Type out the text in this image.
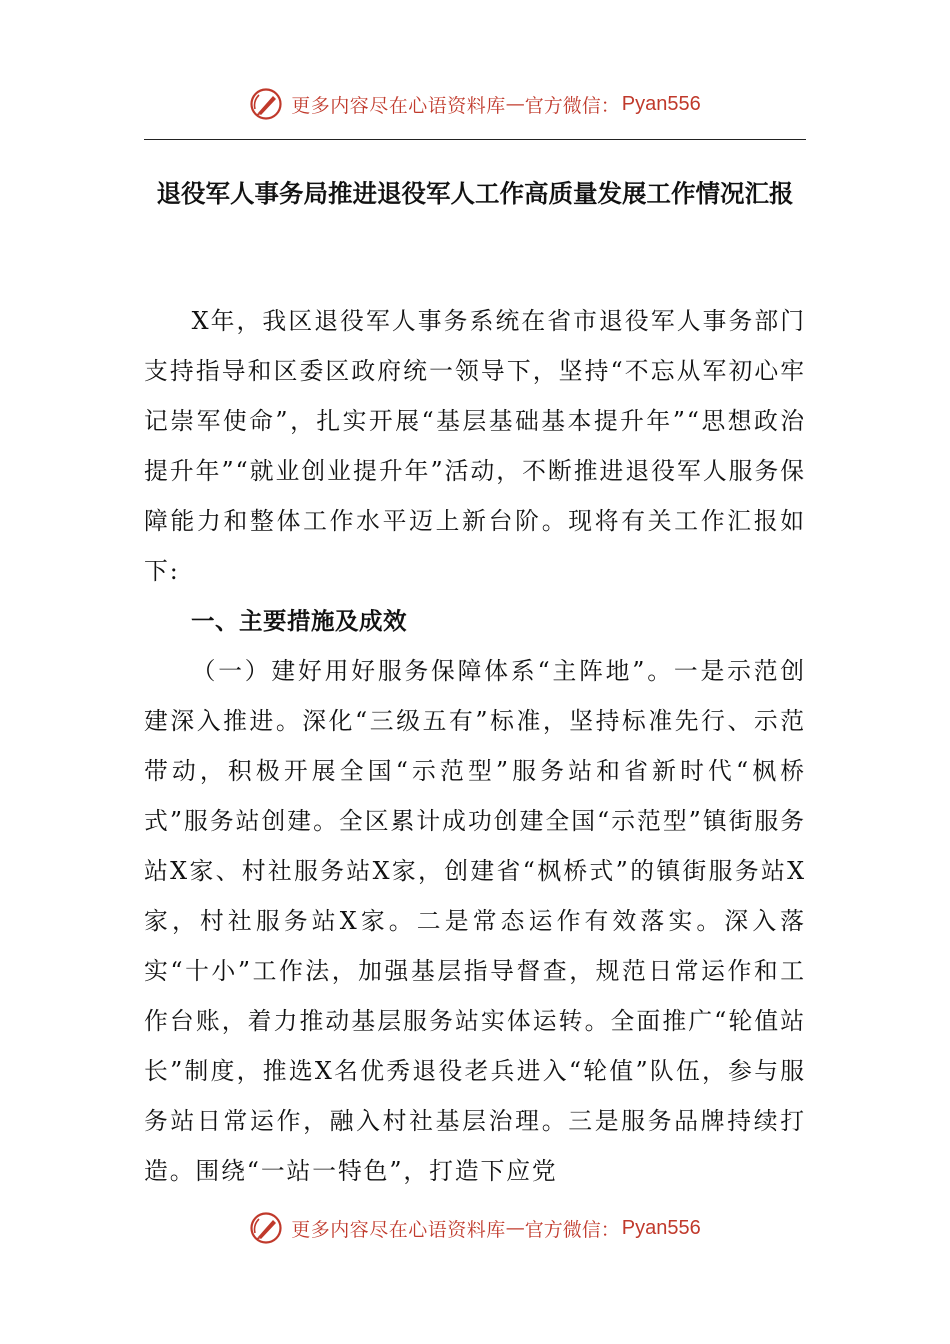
更多内容尽在心语资料库 — 官方微信： Pyan556
退役军人事务局推进退役军人工作高质量发展工作情况汇报

X年，我区退役军人事务系统在省市退役军人事务部门支持指导和区委区政府统一领导下，坚持“不忘从军初心牢记崇军使命”，扎实开展“基层基础基本提升年”“思想政治提升年”“就业创业提升年”活动，不断推进退役军人服务保障能力和整体工作水平迈上新台阶。现将有关工作汇报如下:

一、主要措施及成效

（一）建好用好服务保障体系“主阵地”。一是示范创建深入推进。深化“三级五有”标准，坚持标准先行、示范带动，积极开展全国“示范型”服务站和省新时代“枫桥式”服务站创建。全区累计成功创建全国“示范型”镇街服务站X家、村社服务站X家，创建省“枫桥式”的镇街服务站X家，村社服务站X家。二是常态运作有效落实。深入落实“十小”工作法，加强基层指导督查，规范日常运作和工作台账，着力推动基层服务站实体运转。全面推广“轮值站长”制度，推选X名优秀退役老兵进入“轮值”队伍，参与服务站日常运作，融入村社基层治理。三是服务品牌持续打造。围绕“一站一特色”，打造下应党

更多内容尽在心语资料库 — 官方微信： Pyan556
